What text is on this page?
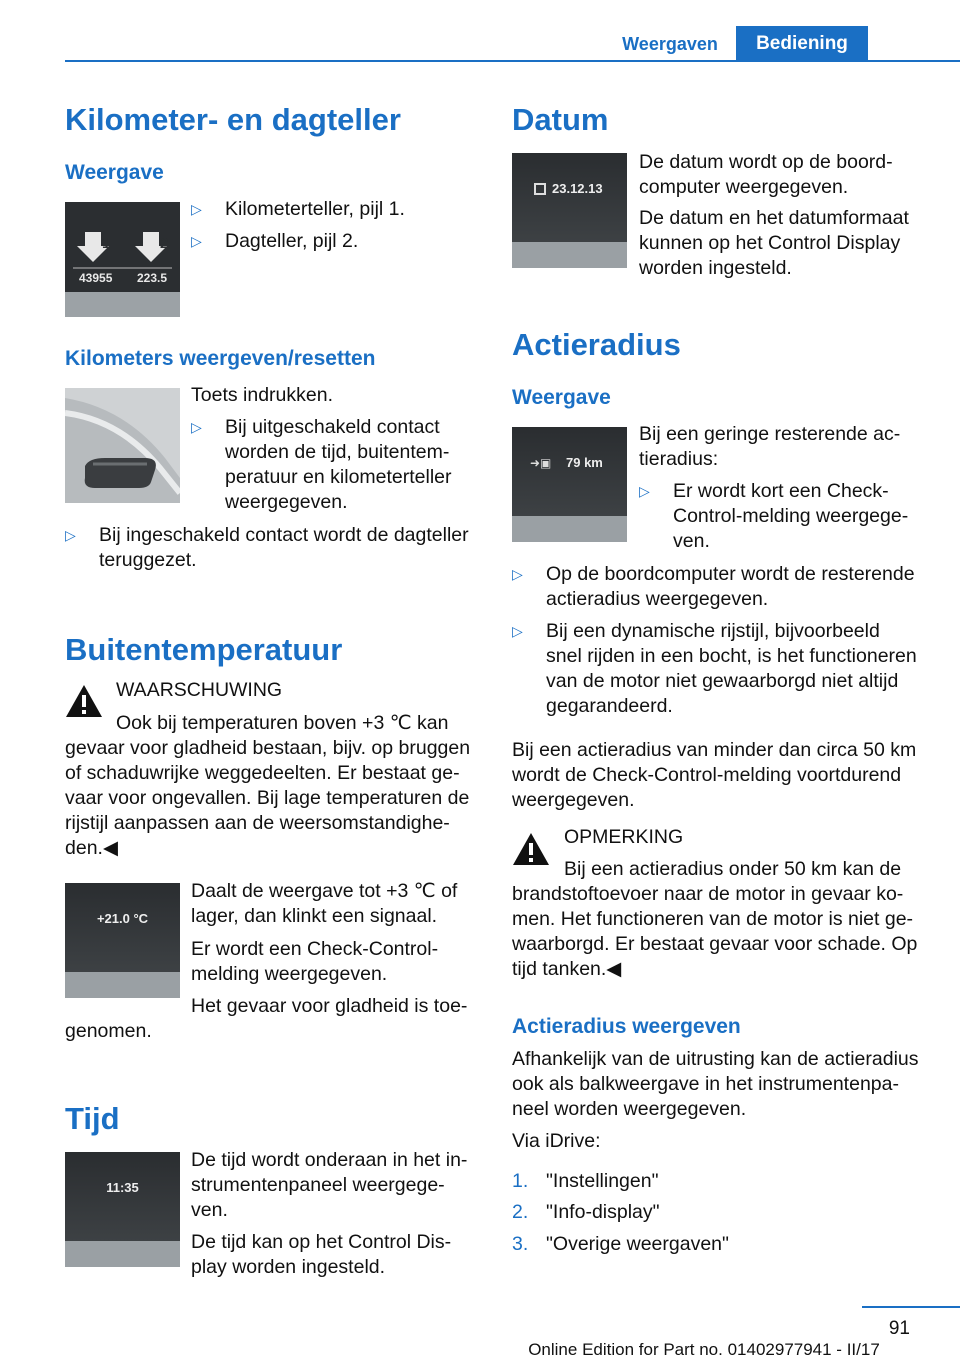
Weergaven	Bediening
Kilometer- en dagteller
Weergave
1	2
43955 223.5
▷ Kilometerteller, pijl 1.
▷ Dagteller, pijl 2.
Kilometers weergeven/resetten
Toets indrukken.
▷ Bij uitgeschakeld contact
worden de tijd, buitentem-
peratuur en kilometerteller
weergegeven.
▷ Bij ingeschakeld contact wordt de dagteller
teruggezet.
Buitentemperatuur
WAARSCHUWING
Ook bij temperaturen boven +3 ℃ kan
gevaar voor gladheid bestaan, bijv. op bruggen
of schaduwrijke weggedeelten. Er bestaat ge-
vaar voor ongevallen. Bij lage temperaturen de
rijstijl aanpassen aan de weersomstandighe-
den.◀
+21.0 °C
Daalt de weergave tot +3 ℃ of
lager, dan klinkt een signaal.
Er wordt een Check-Control-
melding weergegeven.
Het gevaar voor gladheid is toe-
genomen.
Tijd
11:35
De tijd wordt onderaan in het in-
strumentenpaneel weergege-
ven.
De tijd kan op het Control Dis-
play worden ingesteld.
Datum
23.12.13
De datum wordt op de boord-
computer weergegeven.
De datum en het datumformaat
kunnen op het Control Display
worden ingesteld.
Actieradius
Weergave
➜▣ 79 km
Bij een geringe resterende ac-
tieradius:
▷ Er wordt kort een Check-
Control-melding weergege-
ven.
▷ Op de boordcomputer wordt de resterende
actieradius weergegeven.
▷ Bij een dynamische rijstijl, bijvoorbeeld
snel rijden in een bocht, is het functioneren
van de motor niet gewaarborgd niet altijd
gegarandeerd.
Bij een actieradius van minder dan circa 50 km
wordt de Check-Control-melding voortdurend
weergegeven.
OPMERKING
Bij een actieradius onder 50 km kan de
brandstoftoevoer naar de motor in gevaar ko-
men. Het functioneren van de motor is niet ge-
waarborgd. Er bestaat gevaar voor schade. Op
tijd tanken.◀
Actieradius weergeven
Afhankelijk van de uitrusting kan de actieradius
ook als balkweergave in het instrumentenpa-
neel worden weergegeven.
Via iDrive:
1. "Instellingen"
2. "Info-display"
3. "Overige weergaven"
91
Online Edition for Part no. 01402977941 - II/17
